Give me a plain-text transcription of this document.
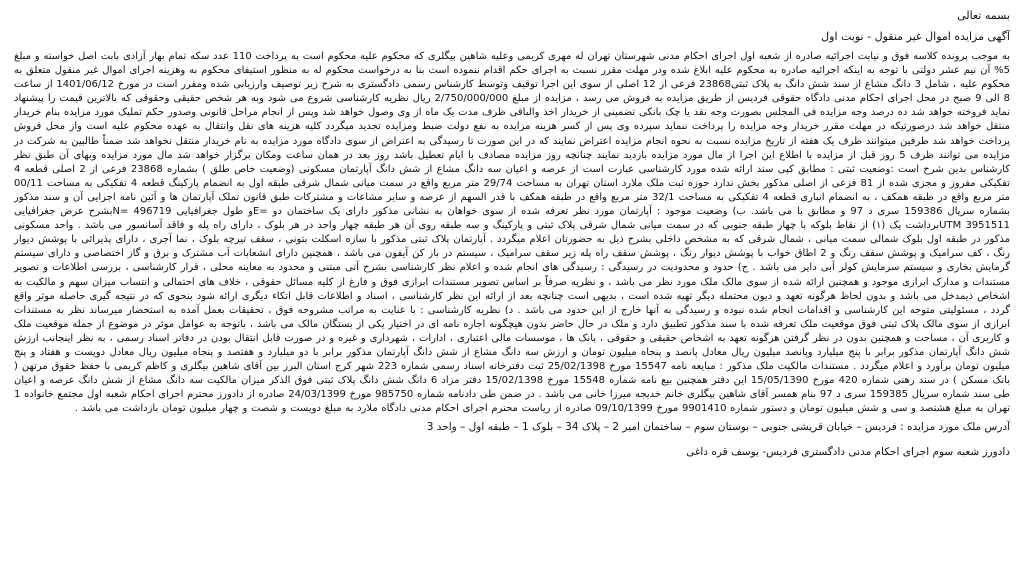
بسمه تعالی

آگهی مزایده اموال غیر منقول - نوبت اول

به موجب پرونده کلاسه فوق و نیابت اجرائیه صادره از شعبه اول اجرای احکام مدنی شهرستان تهران له مهری کریمی وعلیه شاهین بیگلری که محکوم علیه محکوم است به پرداخت 110 عدد سکه تمام بهار آزادی بابت اصل خواسته و مبلغ 5% آن نیم عشر دولتی با توجه به اینکه اجرائیه صادره به محکوم علیه ابلاغ شده ودر مهلت مقرر نسبت به اجرای حکم اقدام ننموده است بنا به درخواست محکوم له به منظور استیفای محکوم به وهزینه اجرای اموال غیر منقول متعلق به محکوم علیه ، شامل 3 دانگ مشاع از سند شش دانگ به پلاک ثبتی23868 فرعی از 12 اصلی از سوی این اجرا توقیف وتوسط کارشناس رسمی دادگستری به شرح زیر توصیف وارزیابی شده ومقرر است در مورخ 1401/06/12 از ساعت 8 الی 9 صبح در محل اجرای احکام مدنی دادگاه حقوقی فردیس از طریق مزایده به فروش می رسد ، مزایده از مبلغ 2/750/000/000 ریال نظریه کارشناسی شروع می شود وبه هر شخص حقیقی وحقوقی که بالاترین قیمت را پیشنهاد نماید فروخته خواهد شد ده درصد وجه مزایده فی المجلس بصورت وجه نقد یا چک بانکی تضمینی از خریدار اخذ والباقی ظرف مدت یک ماه از وی وصول خواهد شد وپس از انجام مراحل قانونی وصدور حکم تملیک مورد مزایده بنام خریدار منتقل خواهد شد درصورتیکه در مهلت مقرر خریدار وجه مزایده را پرداخت ننماید سپرده وی پس از کسر هزینه مزایده به نفع دولت ضبط ومزایده تجدید میگردد کلیه هزینه های نقل وانتقال به عهده محکوم علیه است واز محل فروش پرداخت خواهد شد طرفین میتوانند ظرف یک هفته از تاریخ مزایده نسبت به نحوه انجام مزایده اعتراض نمایند که در این صورت تا رسیدگی به اعتراض از سوی دادگاه مورد مزایده به نام خریدار منتقل نخواهد شد ضمناً طالبین به شرکت در مزایده می توانند ظرف 5 روز قبل از مزایده با اطلاع این اجرا از مال مورد مزایده بازدید نمایند چنانچه روز مزایده مصادف با ایام تعطیل باشد روز بعد در همان ساعت ومکان برگزار خواهد شد مال مورد مزایده وبهای آن طبق نظر کارشناس بدین شرح است :وضعیت ثبتی : مطابق کپی سند ارائه شده مورد کارشناسی عبارت است از عرصه و اعیان سه دانگ مشاع از شش دانگ آپارتمان مسکونی (وضعیت خاص طلق ) بشماره 23868 فرعی از 2 اصلی قطعه 4 تفکیکی مفروز و مجزی شده از 81 فرعی از اصلی مذکور بخش ندارد حوزه ثبت ملک ملارد استان تهران به مساحت 29/74 متر مربع واقع در سمت میانی شمال شرقی طبقه اول به انضمام پارکینگ قطعه 4 تفکیکی به مساحت 00/11 متر مربع واقع در طبقه همکف ، به انضمام انباری قطعه 4 تفکیکی به مساحت 32/1 متر مربع واقع در طبقه همکف با قدر السهم از عرصه و سایر مشاعات و مشترکات طبق قانون تملک آپارتمان ها و آئین نامه اجرایی آن و سند مذکور بشماره سریال 159386 سری د 97 و مطابق با می باشد. ب) وضعیت موجود : آپارتمان مورد نظر تعرفه شده از سوی خواهان به نشانی مذکور دارای یک ساختمان دو =Eو طول جغرافیایی 496719 =Nبشرح عرض جغرافیایی 3951511 UTMبرداشت یک (۱) از نقاط بلوکه با چهار طبقه جنوبی که در سمت میانی شمال شرقی پلاک ثبتی و پارکینگ و سه طبقه روی آن هر طبقه چهار واحد در هر بلوک ، دارای راه پله و فاقد آسانسور می باشد . واحد مسکونی مذکور در طبقه اول بلوک شمالی سمت میانی ، شمال شرقی که به مشخص داخلی بشرح ذیل به حضورتان اعلام میگردد . آپارتمان پلاک ثبتی مذکور با سازه اسکلت بتونی ، سقف تیرچه بلوک ، نما آجری ، دارای پذیرائی با پوشش دیوار رنگ ، کف سرامیک و پوشش سقف رنگ و 2 اطاق خواب با پوشش دیوار رنگ ، پوشش سقف راه پله زیر سقف سرامیک ، سیستم در باز کن آیفون می باشد ، همچنین دارای انشعابات آب مشترک و برق و گاز اختصاصی و دارای سیستم گرمایش بخاری و سیستم سرمایش کولر آبی دایر می باشد . ج) حدود و محدودیت در رسیدگی : رسیدگی های انجام شده و اعلام نظر کارشناسی بشرح آتی مبتنی و محدود به معاینه محلی ، قرار کارشناسی ، بررسی اطلاعات و تصویر مستندات و مدارک ابرازی موجود و همچنین ارائه شده از سوی مالک ملک مورد نظر می باشد ، و نظریه صرفاً بر اساس تصویر مستندات ابرازی فوق و فارغ از کلیه مسائل حقوقی ، خلاف های احتمالی و انتساب میزان سهم و مالکیت به اشخاص ذیمدخل می باشد و بدون لحاظ هرگونه تعهد و دیون محتمله دیگر تهیه شده است ، بدیهی است چنانچه بعد از ارائه این نظر کارشناسی ، اسناد و اطلاعات قابل اتکاء دیگری ارائه شود بنحوی که در نتیجه گیری حاصله موثر واقع گردد ، مسئولیتی متوجه این کارشناسی و اقدامات انجام شده نبوده و رسیدگی به آنها خارج از این حدود می باشد . د) نظریه کارشناسی : با عنایت به مراتب مشروحه فوق ، تحقیقات بعمل آمده به استحضار میرساند نظر به مستندات ابرازی از سوی مالک پلاک ثبتی فوق موقعیت ملک تعرفه شده با سند مذکور تطبیق دارد و ملک در حال حاضر بدون هیچگونه اجاره نامه ای در اختیار یکی از بستگان مالک می باشد ، باتوجه به عوامل موثر در موضوع از جمله موقعیت ملک و کاربری آن ، مساحت و همچنین بدون در نظر گرفتن هرگونه تعهد به اشخاص حقیقی و حقوقی ، بانک ها ، موسسات مالی اعتباری ، ادارات ، شهرداری و غیره و در صورت قابل انتقال بودن در دفاتر اسناد رسمی ، به نظر اینجانب ارزش شش دانگ آپارتمان مذکور برابر با پنج میلیارد وپانصد میلیون ریال معادل پانصد و پنجاه میلیون تومان و ارزش سه دانگ مشاع از شش دانگ آپارتمان مذکور برابر با دو میلیارد و هفتصد و پنجاه میلیون ریال معادل دویست و هفتاد و پنج میلیون تومان برآورد و اعلام میگردد . مستندات مالکیت ملک مذکور : مبایعه نامه 15547 مورخ 25/02/1398 ثبت دفترخانه اسناد رسمی شماره 223 شهر کرج استان البرز بین آقای شاهین بیگلری و کاظم کریمی با حفظ حقوق مرتهن ( بانک مسکن ) در سند رهنی شماره 420 مورخ 15/05/1390 این دفتر همچنین بیع نامه شماره 15548 مورخ 15/02/1398 دفتر مزاد 6 دانگ شش دانگ پلاک ثبتی فوق الذکر میزان مالکیت سه دانگ مشاع از شش دانگ عرصه و اعیان طی سند شماره سریال 159385 سری د 97 بنام همسر آقای شاهین بیگلری خانم خدیجه میرزا خانی می باشد . در ضمن طی دادنامه شماره 985750 مورخ 24/03/1399 صادره از دادورز محترم اجرای احکام شعبه اول مجتمع خانواده 1 تهران به مبلغ هشتصد و سی و شش میلیون تومان و دستور شماره 9901410 مورخ 09/10/1399 صادره از ریاست محترم اجرای احکام مدنی دادگاه ملارد به مبلغ دویست و شصت و چهار میلیون تومان بازداشت می باشد .

آدرس ملک مورد مزایده : فردیس – خیابان قریشی جنوبی – بوستان سوم – ساختمان امیر 2 – پلاک 34 – بلوک 1 – طبقه اول – واحد 3

دادورز شعبه سوم اجرای احکام مدنی دادگستری فردیس- یوسف قره داغی
